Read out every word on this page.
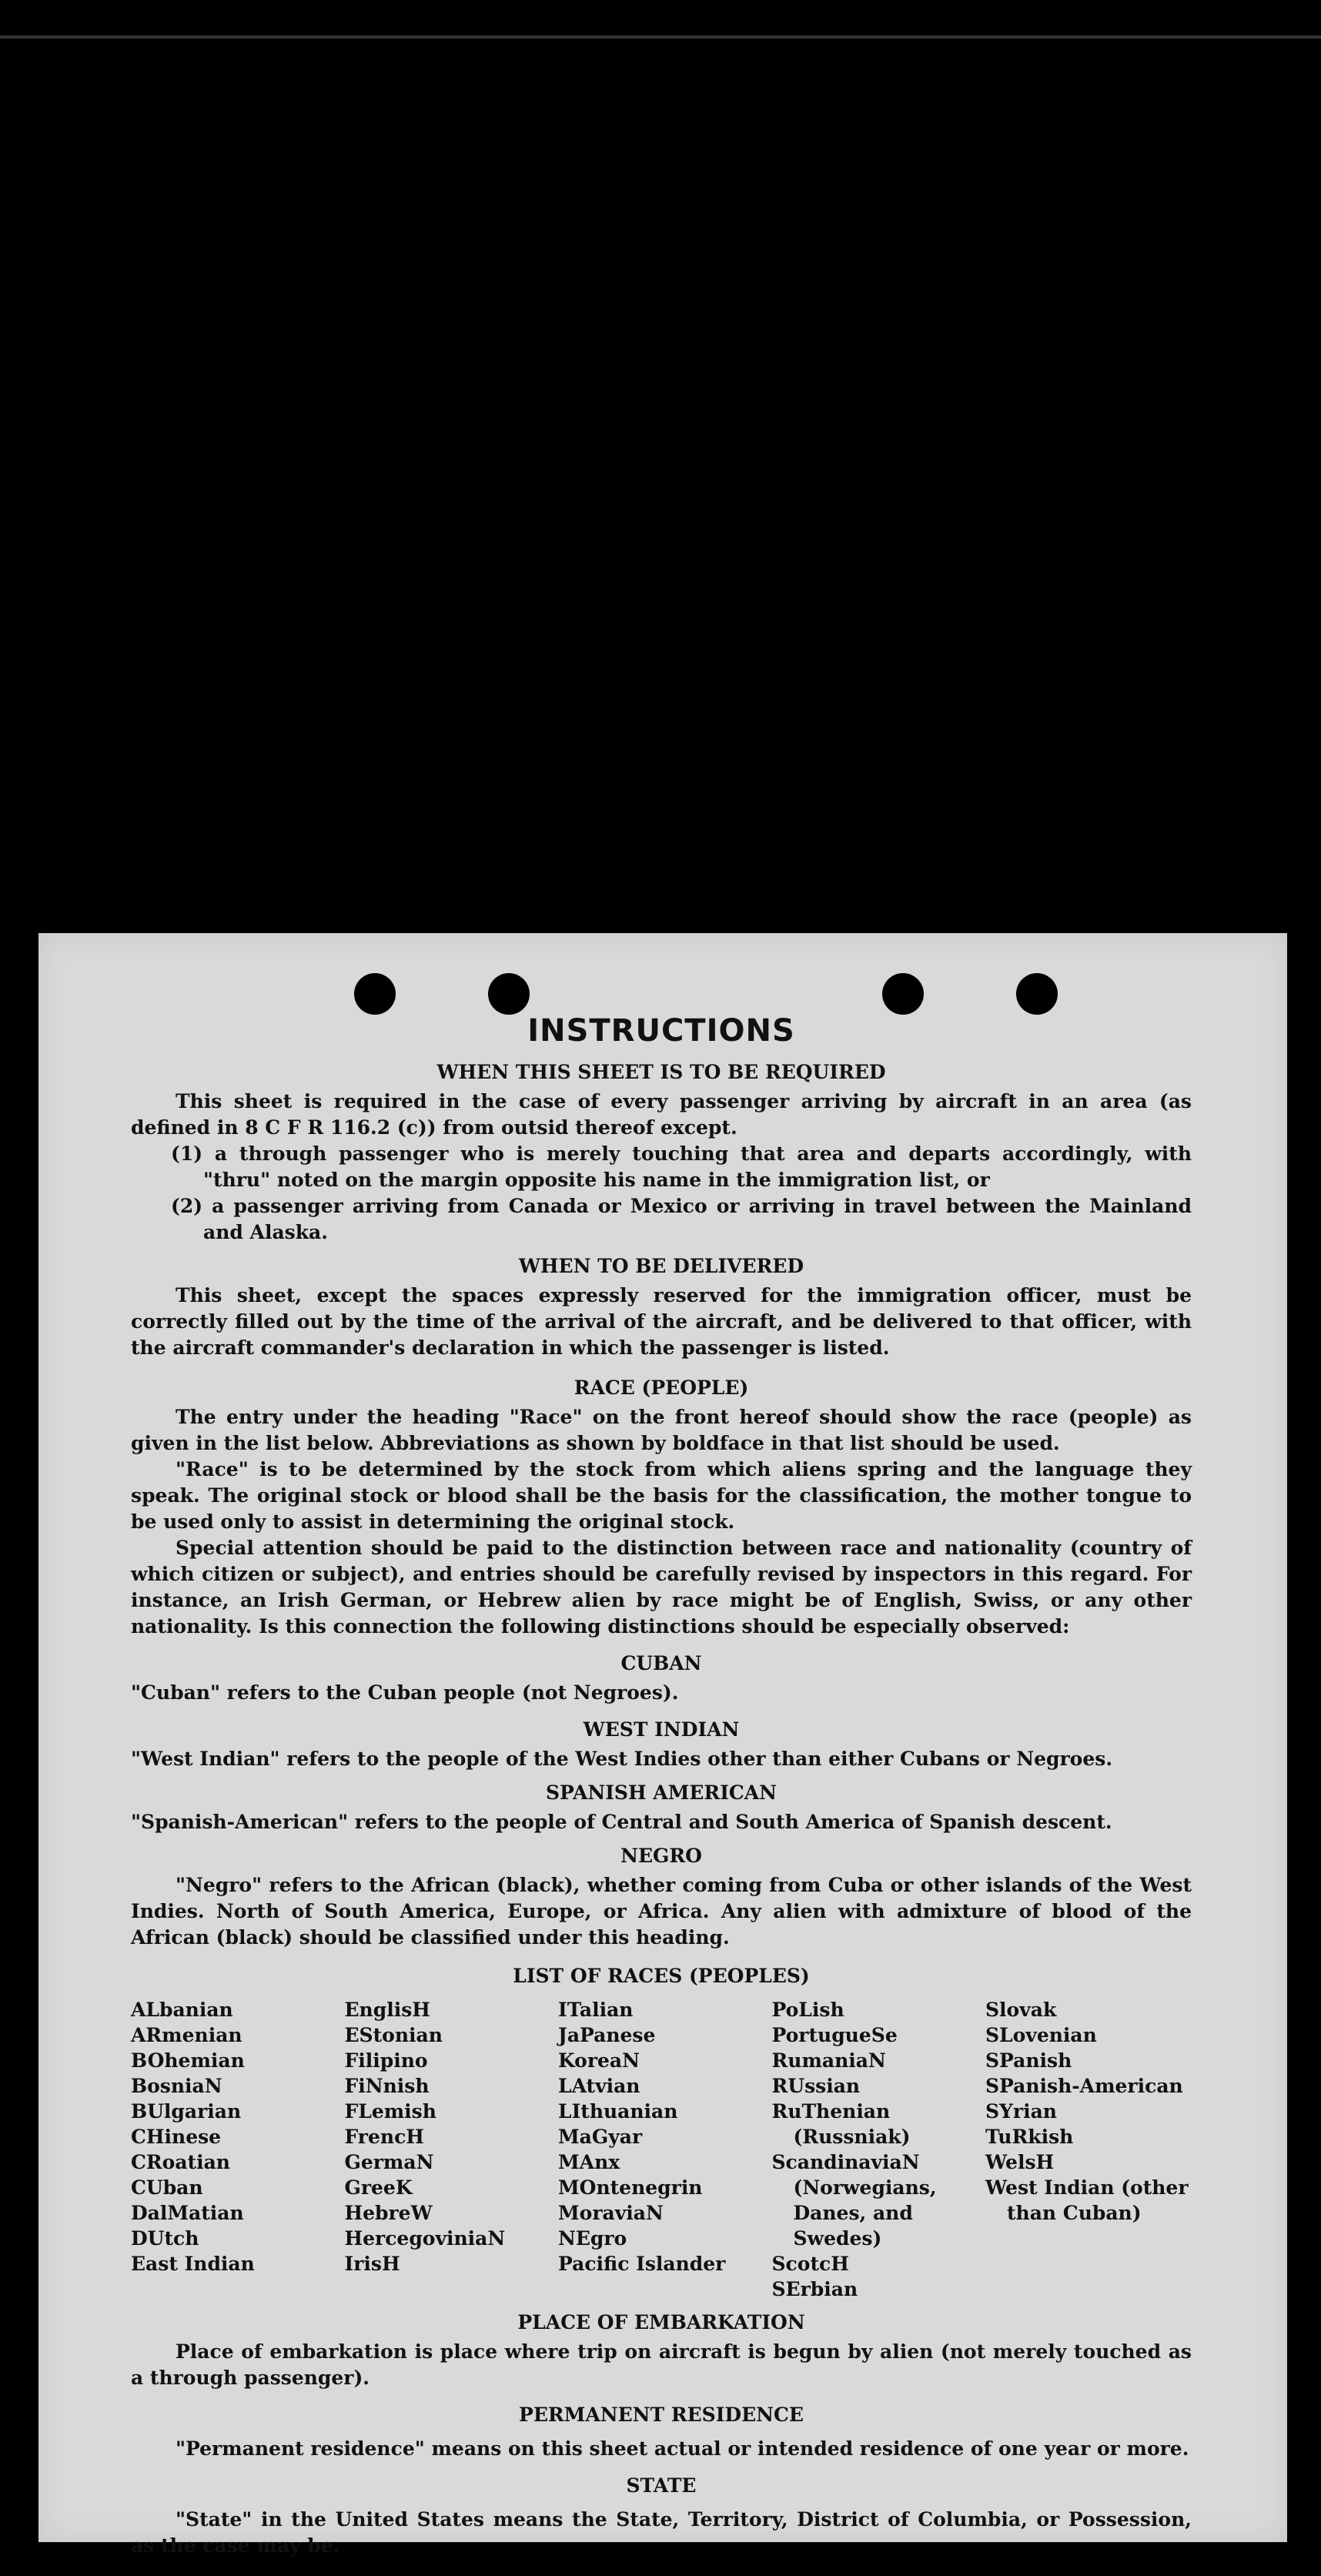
INSTRUCTIONS
WHEN THIS SHEET IS TO BE REQUIRED

This sheet is required in the case of every passenger arriving by aircraft in an area (as defined in 8 C F R 116.2 (c)) from outsid thereof except.

(1) a through passenger who is merely touching that area and departs accordingly, with "thru" noted on the margin opposite his name in the immigration list, or

(2) a passenger arriving from Canada or Mexico or arriving in travel between the Mainland and Alaska.

WHEN TO BE DELIVERED

This sheet, except the spaces expressly reserved for the immigration officer, must be correctly filled out by the time of the arrival of the aircraft, and be delivered to that officer, with the aircraft commander's declaration in which the passenger is listed.

RACE (PEOPLE)

The entry under the heading "Race" on the front hereof should show the race (people) as given in the list below. Abbreviations as shown by boldface in that list should be used.

"Race" is to be determined by the stock from which aliens spring and the language they speak. The original stock or blood shall be the basis for the classification, the mother tongue to be used only to assist in determining the original stock.

Special attention should be paid to the distinction between race and nationality (country of which citizen or subject), and entries should be carefully revised by inspectors in this regard. For instance, an Irish German, or Hebrew alien by race might be of English, Swiss, or any other nationality. Is this connection the following distinctions should be especially observed:

CUBAN

"Cuban" refers to the Cuban people (not Negroes).

WEST INDIAN

"West Indian" refers to the people of the West Indies other than either Cubans or Negroes.

SPANISH AMERICAN

"Spanish-American" refers to the people of Central and South America of Spanish descent.

NEGRO

"Negro" refers to the African (black), whether coming from Cuba or other islands of the West Indies. North of South America, Europe, or Africa. Any alien with admixture of blood of the African (black) should be classified under this heading.

LIST OF RACES (PEOPLES)
ALbanian
ARmenian
BOhemian
BosniaN
BUlgarian
CHinese
CRoatian
CUban
DalMatian
DUtch
East Indian
EnglisH
EStonian
Filipino
FiNnish
FLemish
FrencH
GermaN
GreeK
HebreW
HercegoviniaN
IrisH
ITalian
JaPanese
KoreaN
LAtvian
LIthuanian
MaGyar
MAnx
MOntenegrin
MoraviaN
NEgro
Pacific Islander
PoLish
PortugueSe
RumaniaN
RUssian
RuThenian (Russniak)
ScandinaviaN (Norwegians, Danes, and Swedes)
ScotcH
SErbian
Slovak
SLovenian
SPanish
SPanish-American
SYrian
TuRkish
WelsH
West Indian (other than Cuban)
PLACE OF EMBARKATION

Place of embarkation is place where trip on aircraft is begun by alien (not merely touched as a through passenger).

PERMANENT RESIDENCE

"Permanent residence" means on this sheet actual or intended residence of one year or more.

STATE

"State" in the United States means the State, Territory, District of Columbia, or Possession, as the case may be.
